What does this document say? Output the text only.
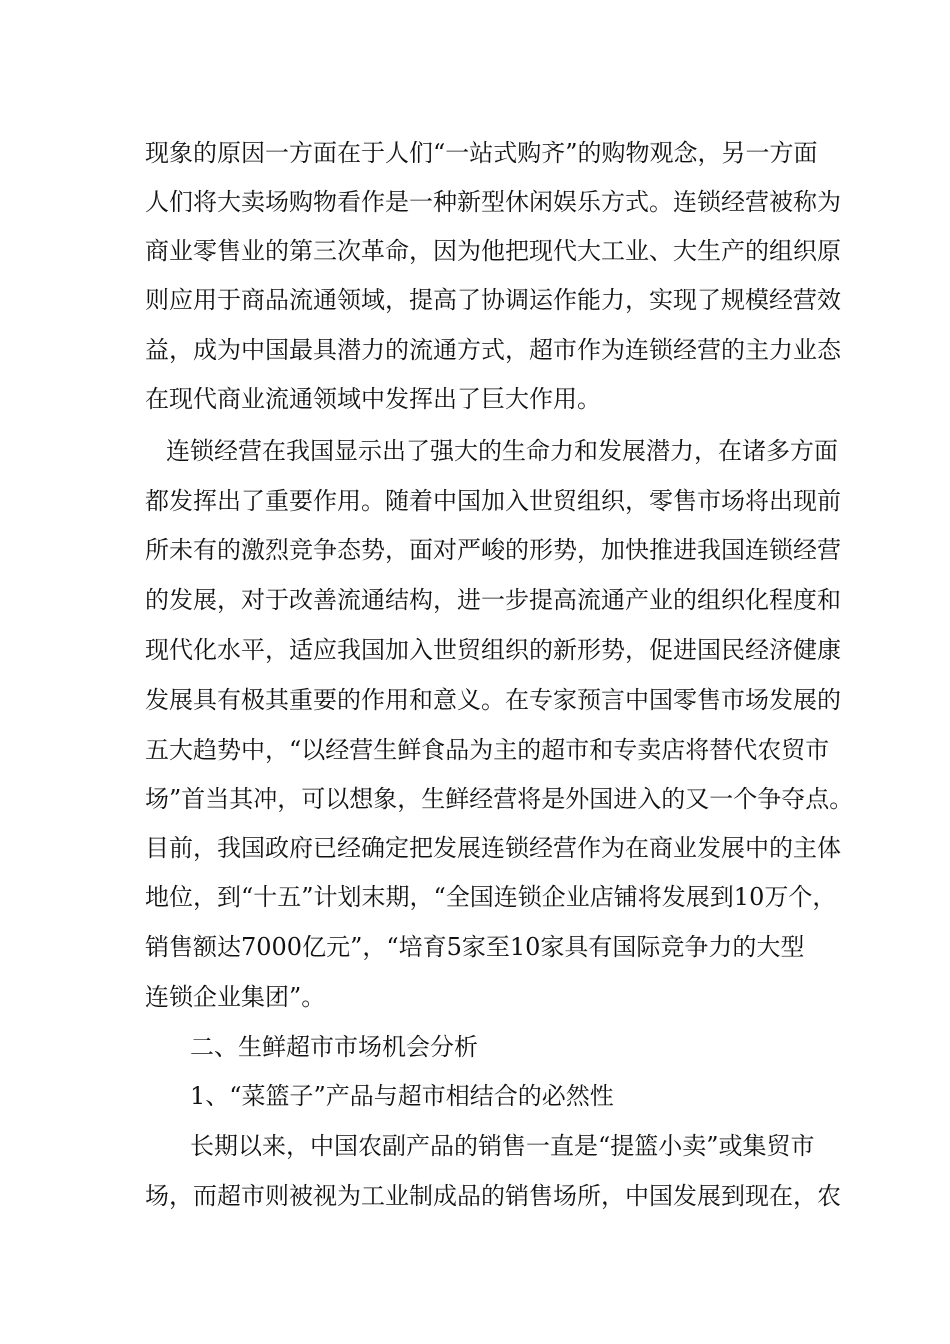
现象的原因一方面在于人们“一站式购齐”的购物观念，另一方面
人们将大卖场购物看作是一种新型休闲娱乐方式。连锁经营被称为
商业零售业的第三次革命，因为他把现代大工业、大生产的组织原
则应用于商品流通领域，提高了协调运作能力，实现了规模经营效
益，成为中国最具潜力的流通方式，超市作为连锁经营的主力业态
在现代商业流通领域中发挥出了巨大作用。
连锁经营在我国显示出了强大的生命力和发展潜力，在诸多方面
都发挥出了重要作用。随着中国加入世贸组织，零售市场将出现前
所未有的激烈竞争态势，面对严峻的形势，加快推进我国连锁经营
的发展，对于改善流通结构，进一步提高流通产业的组织化程度和
现代化水平，适应我国加入世贸组织的新形势，促进国民经济健康
发展具有极其重要的作用和意义。在专家预言中国零售市场发展的
五大趋势中，“以经营生鲜食品为主的超市和专卖店将替代农贸市
场”首当其冲，可以想象，生鲜经营将是外国进入的又一个争夺点。
目前，我国政府已经确定把发展连锁经营作为在商业发展中的主体
地位，到“十五”计划末期，“全国连锁企业店铺将发展到10万个，
销售额达7000亿元”，“培育5家至10家具有国际竞争力的大型
连锁企业集团”。
二、生鲜超市市场机会分析
1、“菜篮子”产品与超市相结合的必然性
长期以来，中国农副产品的销售一直是“提篮小卖”或集贸市
场，而超市则被视为工业制成品的销售场所，中国发展到现在，农
